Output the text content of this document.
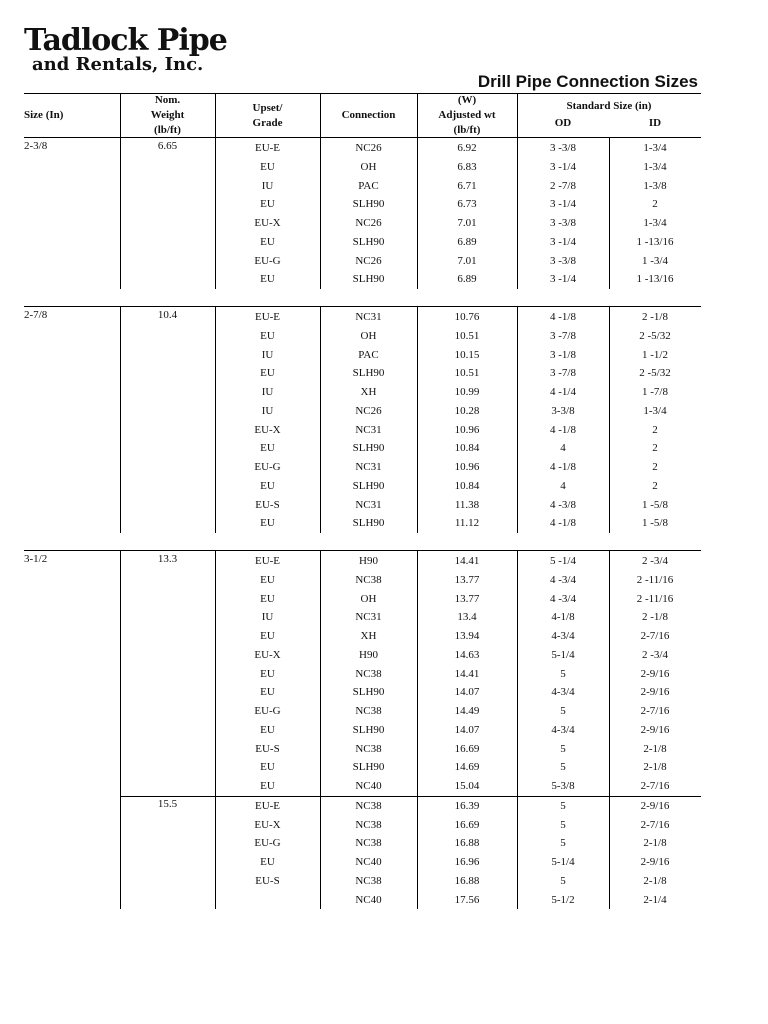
Tadlock Pipe
and Rentals, Inc.
Drill Pipe Connection Sizes
Size (In)
Nom.
Weight
(lb/ft)
Upset/
Grade
Connection
(W)
Adjusted wt
(lb/ft)
Standard Size (in)
OD	ID
2-3/8	6.65	EU-E	NC26	6.92	3 -3/8	1-3/4
EU	OH	6.83	3 -1/4	1-3/4
IU	PAC	6.71	2 -7/8	1-3/8
EU	SLH90	6.73	3 -1/4	2
EU-X	NC26	7.01	3 -3/8	1-3/4
EU	SLH90	6.89	3 -1/4	1 -13/16
EU-G	NC26	7.01	3 -3/8	1 -3/4
EU	SLH90	6.89	3 -1/4	1 -13/16
2-7/8	10.4	EU-E	NC31	10.76	4 -1/8	2 -1/8
EU	OH	10.51	3 -7/8	2 -5/32
IU	PAC	10.15	3 -1/8	1 -1/2
EU	SLH90	10.51	3 -7/8	2 -5/32
IU	XH	10.99	4 -1/4	1 -7/8
IU	NC26	10.28	3-3/8	1-3/4
EU-X	NC31	10.96	4 -1/8	2
EU	SLH90	10.84	4	2
EU-G	NC31	10.96	4 -1/8	2
EU	SLH90	10.84	4	2
EU-S	NC31	11.38	4 -3/8	1 -5/8
EU	SLH90	11.12	4 -1/8	1 -5/8
3-1/2	13.3	EU-E	H90	14.41	5 -1/4	2 -3/4
EU	NC38	13.77	4 -3/4	2 -11/16
EU	OH	13.77	4 -3/4	2 -11/16
IU	NC31	13.4	4-1/8	2 -1/8
EU	XH	13.94	4-3/4	2-7/16
EU-X	H90	14.63	5-1/4	2 -3/4
EU	NC38	14.41	5	2-9/16
EU	SLH90	14.07	4-3/4	2-9/16
EU-G	NC38	14.49	5	2-7/16
EU	SLH90	14.07	4-3/4	2-9/16
EU-S	NC38	16.69	5	2-1/8
EU	SLH90	14.69	5	2-1/8
EU	NC40	15.04	5-3/8	2-7/16
15.5	EU-E	NC38	16.39	5	2-9/16
EU-X	NC38	16.69	5	2-7/16
EU-G	NC38	16.88	5	2-1/8
EU	NC40	16.96	5-1/4	2-9/16
EU-S	NC38	16.88	5	2-1/8
NC40	17.56	5-1/2	2-1/4
